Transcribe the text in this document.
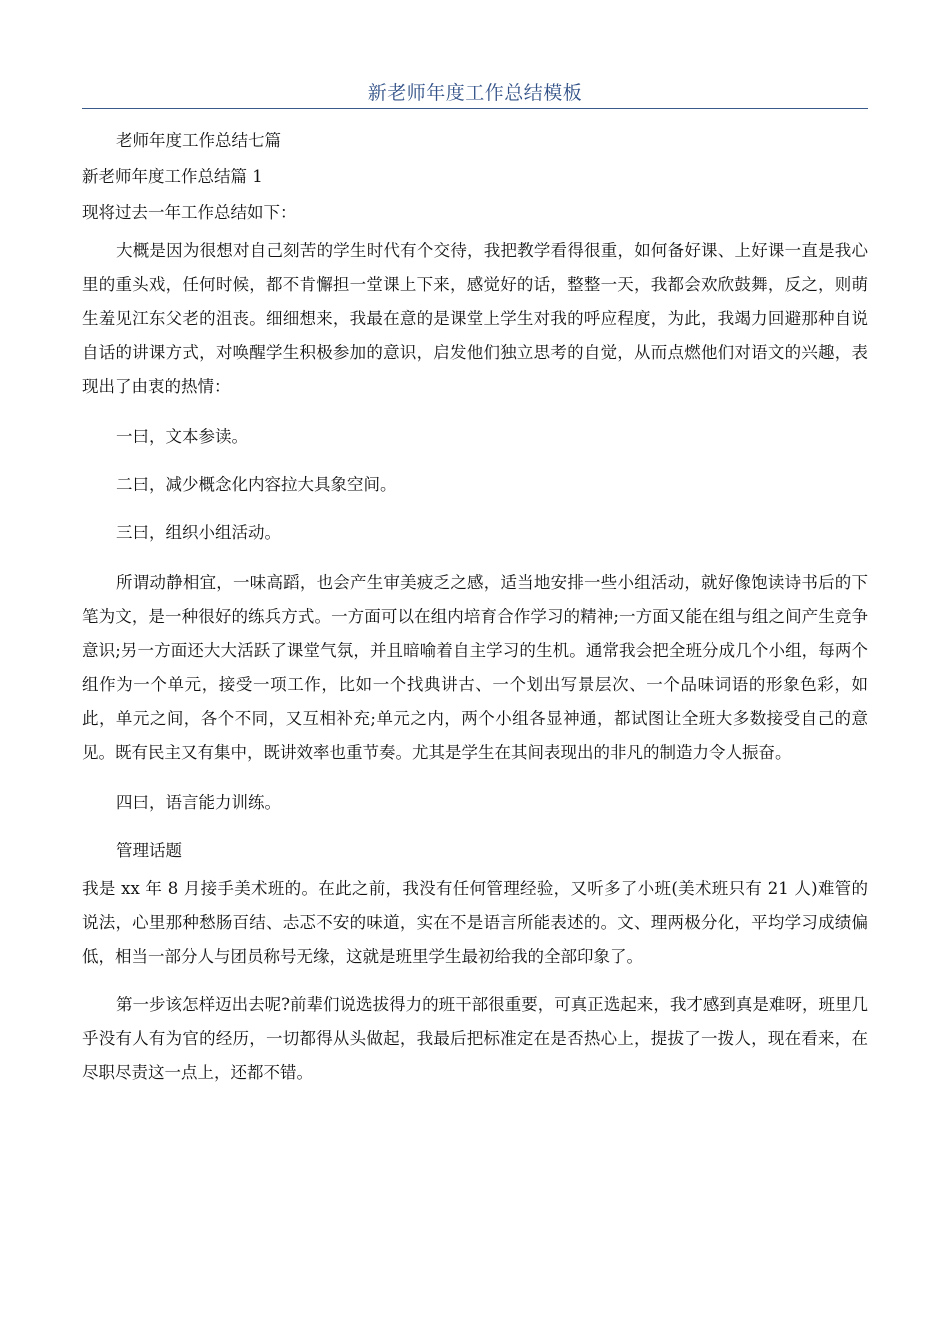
新老师年度工作总结模板

老师年度工作总结七篇

新老师年度工作总结篇 1

现将过去一年工作总结如下：

大概是因为很想对自己刻苦的学生时代有个交待，我把教学看得很重，如何备好课、上好课一直是我心里的重头戏，任何时候，都不肯懈担一堂课上下来，感觉好的话，整整一天，我都会欢欣鼓舞，反之，则萌生羞见江东父老的沮丧。细细想来，我最在意的是课堂上学生对我的呼应程度，为此，我竭力回避那种自说自话的讲课方式，对唤醒学生积极参加的意识，启发他们独立思考的自觉，从而点燃他们对语文的兴趣，表现出了由衷的热情：

一曰，文本参读。

二曰，减少概念化内容拉大具象空间。

三曰，组织小组活动。

所谓动静相宜，一味高蹈，也会产生审美疲乏之感，适当地安排一些小组活动，就好像饱读诗书后的下笔为文，是一种很好的练兵方式。一方面可以在组内培育合作学习的精神;一方面又能在组与组之间产生竞争意识;另一方面还大大活跃了课堂气氛，并且暗喻着自主学习的生机。通常我会把全班分成几个小组，每两个组作为一个单元，接受一项工作，比如一个找典讲古、一个划出写景层次、一个品味词语的形象色彩，如此，单元之间，各个不同，又互相补充;单元之内，两个小组各显神通，都试图让全班大多数接受自己的意见。既有民主又有集中，既讲效率也重节奏。尤其是学生在其间表现出的非凡的制造力令人振奋。

四曰，语言能力训练。

管理话题

我是 xx 年 8 月接手美术班的。在此之前，我没有任何管理经验，又听多了小班(美术班只有 21 人)难管的说法，心里那种愁肠百结、忐忑不安的味道，实在不是语言所能表述的。文、理两极分化，平均学习成绩偏低，相当一部分人与团员称号无缘，这就是班里学生最初给我的全部印象了。

第一步该怎样迈出去呢?前辈们说选拔得力的班干部很重要，可真正选起来，我才感到真是难呀，班里几乎没有人有为官的经历，一切都得从头做起，我最后把标准定在是否热心上，提拔了一拨人，现在看来，在尽职尽责这一点上，还都不错。
